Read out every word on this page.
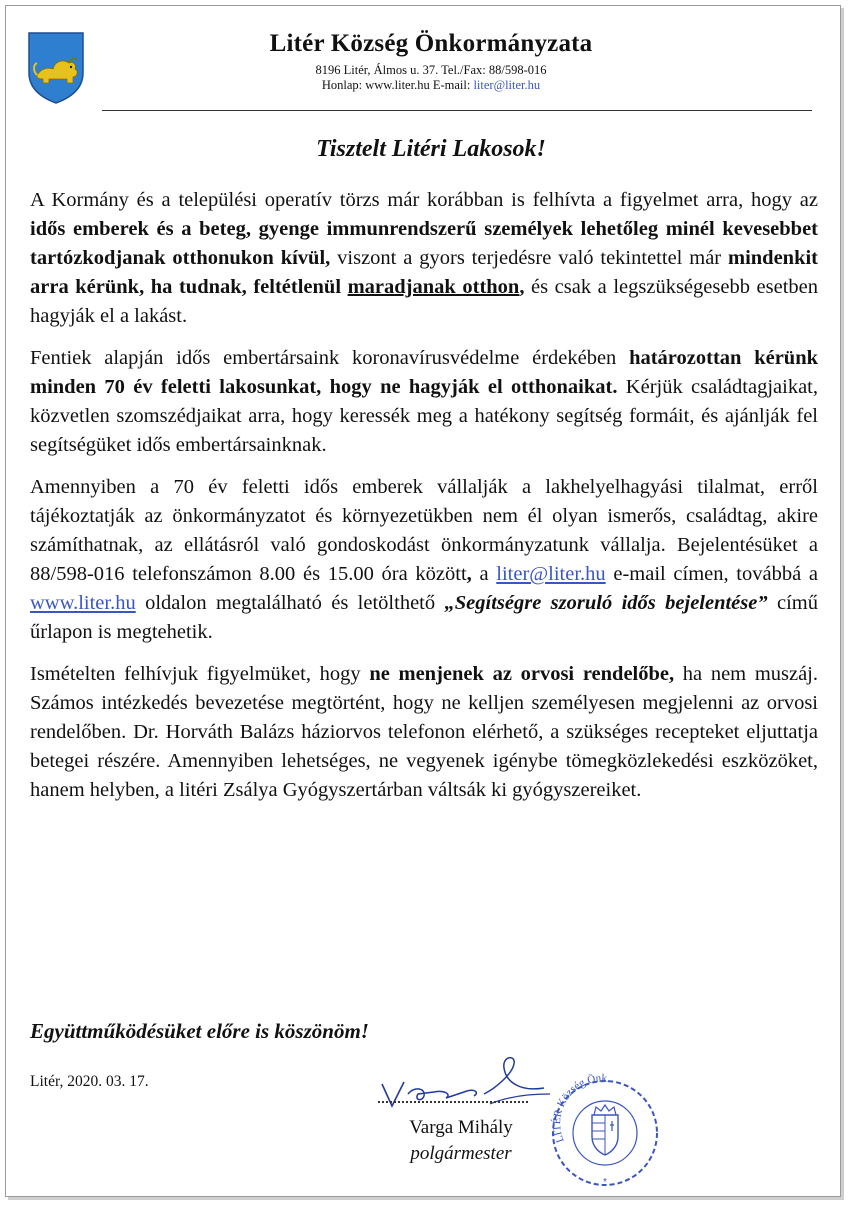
Litér Község Önkormányzata
8196 Litér, Álmos u. 37. Tel./Fax: 88/598-016
Honlap: www.liter.hu E-mail: liter@liter.hu
Tisztelt Litéri Lakosok!

A Kormány és a települési operatív törzs már korábban is felhívta a figyelmet arra, hogy az idős emberek és a beteg, gyenge immunrendszerű személyek lehetőleg minél kevesebbet tartózkodjanak otthonukon kívül, viszont a gyors terjedésre való tekintettel már mindenkit arra kérünk, ha tudnak, feltétlenül maradjanak otthon, és csak a legszükségesebb esetben hagyják el a lakást.

Fentiek alapján idős embertársaink koronavírusvédelme érdekében határozottan kérünk minden 70 év feletti lakosunkat, hogy ne hagyják el otthonaikat. Kérjük családtagjaikat, közvetlen szomszédjaikat arra, hogy keressék meg a hatékony segítség formáit, és ajánlják fel segítségüket idős embertársainknak.

Amennyiben a 70 év feletti idős emberek vállalják a lakhelyelhagyási tilalmat, erről tájékoztatják az önkormányzatot és környezetükben nem él olyan ismerős, családtag, akire számíthatnak, az ellátásról való gondoskodást önkormányzatunk vállalja. Bejelentésüket a 88/598-016 telefonszámon 8.00 és 15.00 óra között, a liter@liter.hu e-mail címen, továbbá a www.liter.hu oldalon megtalálható és letölthető „Segítségre szoruló idős bejelentése” című űrlapon is megtehetik.

Ismételten felhívjuk figyelmüket, hogy ne menjenek az orvosi rendelőbe, ha nem muszáj. Számos intézkedés bevezetése megtörtént, hogy ne kelljen személyesen megjelenni az orvosi rendelőben. Dr. Horváth Balázs háziorvos telefonon elérhető, a szükséges recepteket eljuttatja betegei részére. Amennyiben lehetséges, ne vegyenek igénybe tömegközlekedési eszközöket, hanem helyben, a litéri Zsálya Gyógyszertárban váltsák ki gyógyszereiket.

Együttműködésüket előre is köszönöm!
Litér, 2020. 03. 17.
Varga Mihály
polgármester
LITÉR Község Önk.
*
